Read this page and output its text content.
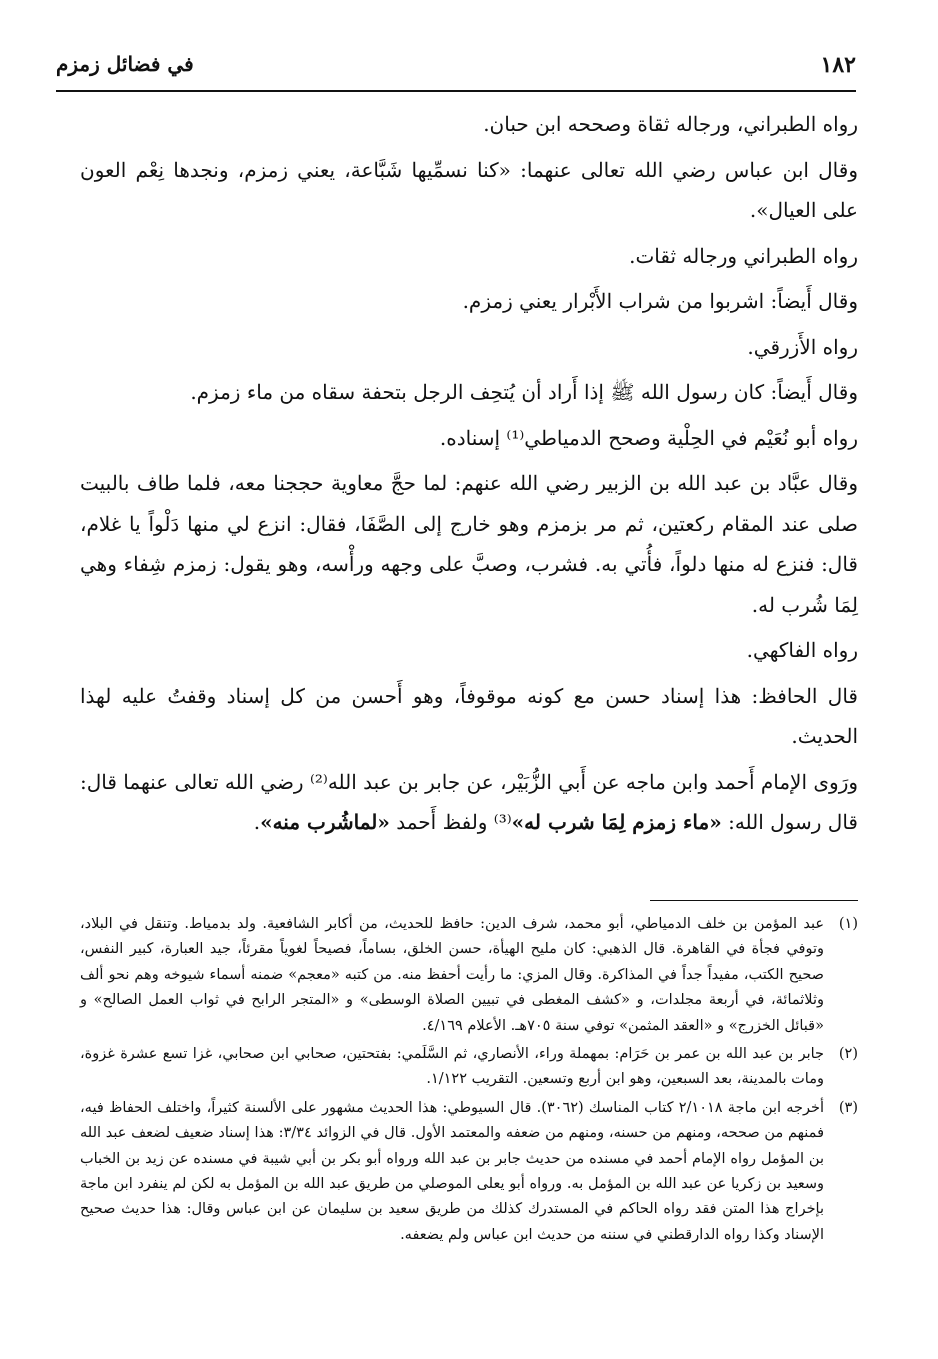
١٨٢
في فضائل زمزم

رواه الطبراني، ورجاله ثقاة وصححه ابن حبان.

وقال ابن عباس رضي الله تعالى عنهما: «كنا نسمِّيها شَبَّاعة، يعني زمزم، ونجدها نِعْم العون على العيال».

رواه الطبراني ورجاله ثقات.

وقال أَيضاً: اشربوا من شراب الأَبْرار يعني زمزم.

رواه الأَزرقي.

وقال أَيضاً: كان رسول الله ﷺ إذا أَراد أن يُتحِف الرجل بتحفة سقاه من ماء زمزم.

رواه أبو نُعَيْم في الحِلْية وصحح الدمياطي⁽¹⁾ إسناده.

وقال عبَّاد بن عبد الله بن الزبير رضي الله عنهم: لما حجَّ معاوية حججنا معه، فلما طاف بالبيت صلى عند المقام ركعتين، ثم مر بزمزم وهو خارج إلى الصَّفَا، فقال: انزع لي منها دَلْواً يا غلام، قال: فنزع له منها دلواً، فأُتي به. فشرب، وصبَّ على وجهه ورأْسه، وهو يقول: زمزم شِفاء وهي لِمَا شُرب له.

رواه الفاكهي.

قال الحافظ: هذا إسناد حسن مع كونه موقوفاً، وهو أَحسن من كل إسناد وقفتُ عليه لهذا الحديث.

ورَوى الإمام أَحمد وابن ماجه عن أَبي الزُّبَيْر، عن جابر بن عبد الله⁽²⁾ رضي الله تعالى عنهما قال: قال رسول الله: «ماء زمزم لِمَا شرب له»⁽³⁾ ولفظ أَحمد «لماشُرب منه».

(١)
عبد المؤمن بن خلف الدمياطي، أبو محمد، شرف الدين: حافظ للحديث، من أكابر الشافعية. ولد بدمياط. وتنقل في البلاد، وتوفي فجأة في القاهرة. قال الذهبي: كان مليح الهيأة، حسن الخلق، بساماً، فصيحاً لغوياً مقرئاً، جيد العبارة، كبير النفس، صحيح الكتب، مفيداً جداً في المذاكرة. وقال المزي: ما رأيت أحفظ منه. من كتبه «معجم» ضمنه أسماء شيوخه وهم نحو ألف وثلاثمائة، في أربعة مجلدات، و «كشف المغطى في تبيين الصلاة الوسطى» و «المتجر الرابح في ثواب العمل الصالح» و «قبائل الخزرج» و «العقد المثمن» توفي سنة ٧٠٥هـ. الأعلام ٤/١٦٩.
(٢)
جابر بن عبد الله بن عمر بن حَرَام: بمهملة وراء، الأنصاري، ثم السَّلَمي: بفتحتين، صحابي ابن صحابي، غزا تسع عشرة غزوة، ومات بالمدينة، بعد السبعين، وهو ابن أربع وتسعين. التقريب ١/١٢٢.
(٣)
أخرجه ابن ماجة ٢/١٠١٨ كتاب المناسك (٣٠٦٢). قال السيوطي: هذا الحديث مشهور على الألسنة كثيراً، واختلف الحفاظ فيه، فمنهم من صححه، ومنهم من حسنه، ومنهم من ضعفه والمعتمد الأول. قال في الزوائد ٣/٣٤: هذا إسناد ضعيف لضعف عبد الله بن المؤمل رواه الإمام أحمد في مسنده من حديث جابر بن عبد الله ورواه أبو بكر بن أبي شيبة في مسنده عن زيد بن الخباب وسعيد بن زكريا عن عبد الله بن المؤمل به. ورواه أبو يعلى الموصلي من طريق عبد الله بن المؤمل به لكن لم ينفرد ابن ماجة بإخراج هذا المتن فقد رواه الحاكم في المستدرك كذلك من طريق سعيد بن سليمان عن ابن عباس وقال: هذا حديث صحيح الإسناد وكذا رواه الدارقطني في سننه من حديث ابن عباس ولم يضعفه.
